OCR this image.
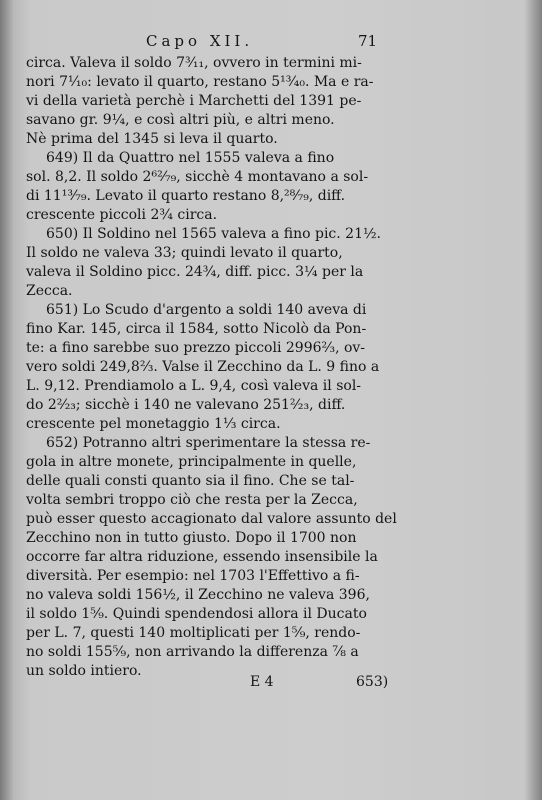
Capo XII.	71
circa. Valeva il soldo 7³⁄₁₁, ovvero in termini mi-
nori 7¹⁄₁₀: levato il quarto, restano 5¹³⁄₄₀. Ma e ra-
vi della varietà perchè i Marchetti del 1391 pe-
savano gr. 9¼, e così altri più, e altri meno.
Nè prima del 1345 si leva il quarto.
649) Il da Quattro nel 1555 valeva a fino
sol. 8,2. Il soldo 2⁶²⁄₇₉, sicchè 4 montavano a sol-
di 11¹³⁄₇₉. Levato il quarto restano 8,²⁸⁄₇₉, diff.
crescente piccoli 2¾ circa.
650) Il Soldino nel 1565 valeva a fino pic. 21½.
Il soldo ne valeva 33; quindi levato il quarto,
valeva il Soldino picc. 24¾, diff. picc. 3¼ per la
Zecca.
651) Lo Scudo d'argento a soldi 140 aveva di
fino Kar. 145, circa il 1584, sotto Nicolò da Pon-
te: a fino sarebbe suo prezzo piccoli 2996²⁄₃, ov-
vero soldi 249,8⅔. Valse il Zecchino da L. 9 fino a
L. 9,12. Prendiamolo a L. 9,4, così valeva il sol-
do 2²⁄₂₃; sicchè i 140 ne valevano 251²⁄₂₃, diff.
crescente pel monetaggio 1⅓ circa.
652) Potranno altri sperimentare la stessa re-
gola in altre monete, principalmente in quelle,
delle quali consti quanto sia il fino. Che se tal-
volta sembri troppo ciò che resta per la Zecca,
può esser questo accagionato dal valore assunto del
Zecchino non in tutto giusto. Dopo il 1700 non
occorre far altra riduzione, essendo insensibile la
diversità. Per esempio: nel 1703 l'Effettivo a fi-
no valeva soldi 156½, il Zecchino ne valeva 396,
il soldo 1⁵⁄₉. Quindi spendendosi allora il Ducato
per L. 7, questi 140 moltiplicati per 1⁵⁄₉, rendo-
no soldi 155⁵⁄₉, non arrivando la differenza ⅞ a
un soldo intiero.
E 4	653)
